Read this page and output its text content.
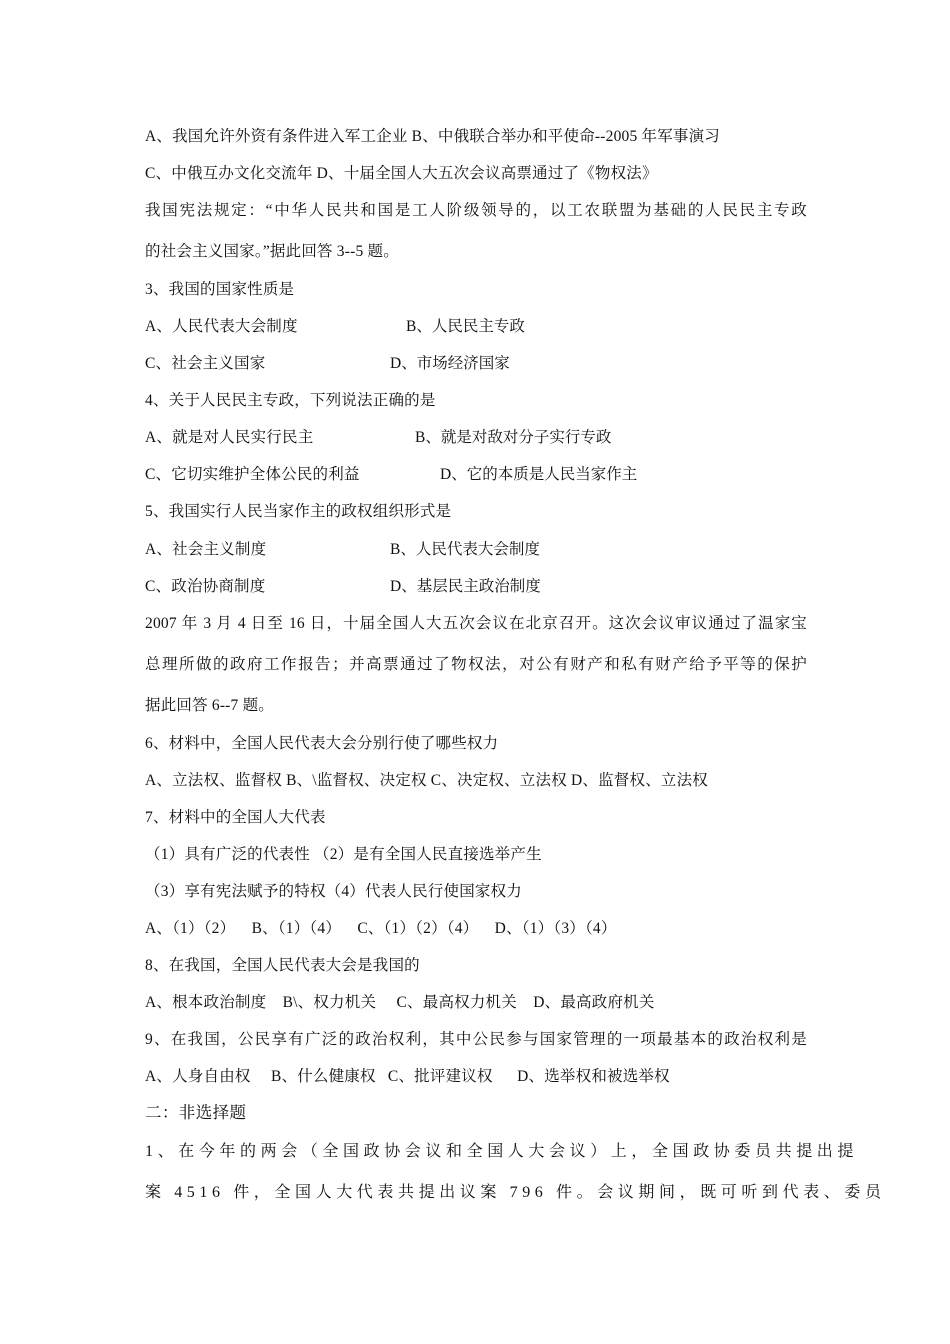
A、我国允许外资有条件进入军工企业 B、中俄联合举办和平使命--2005 年军事演习
C、中俄互办文化交流年 D、十届全国人大五次会议高票通过了《物权法》
我国宪法规定：“中华人民共和国是工人阶级领导的，以工农联盟为基础的人民民主专政
的社会主义国家。”据此回答 3--5 题。
3、我国的国家性质是
A、人民代表大会制度	B、人民民主专政
C、社会主义国家	D、市场经济国家
4、关于人民民主专政，下列说法正确的是
A、就是对人民实行民主	B、就是对敌对分子实行专政
C、它切实维护全体公民的利益	D、它的本质是人民当家作主
5、我国实行人民当家作主的政权组织形式是
A、社会主义制度	B、人民代表大会制度
C、政治协商制度	D、基层民主政治制度
2007 年 3 月 4 日至 16 日，十届全国人大五次会议在北京召开。这次会议审议通过了温家宝
总理所做的政府工作报告；并高票通过了物权法，对公有财产和私有财产给予平等的保护
据此回答 6--7 题。
6、材料中，全国人民代表大会分别行使了哪些权力
A、立法权、监督权 B、\监督权、决定权 C、决定权、立法权 D、监督权、立法权
7、材料中的全国人大代表
（1）具有广泛的代表性 （2）是有全国人民直接选举产生
（3）享有宪法赋予的特权（4）代表人民行使国家权力
A、（1）（2）    B、（1）（4）    C、（1）（2）（4）    D、（1）（3）（4）
8、在我国，全国人民代表大会是我国的
A、根本政治制度    B\、权力机关     C、最高权力机关    D、最高政府机关
9、在我国，公民享有广泛的政治权利，其中公民参与国家管理的一项最基本的政治权利是
A、人身自由权     B、什么健康权   C、批评建议权      D、选举权和被选举权
二：非选择题
1、在今年的两会（全国政协会议和全国人大会议）上，全国政协委员共提出提
案 4516 件，全国人大代表共提出议案 796 件。会议期间，既可听到代表、委员
